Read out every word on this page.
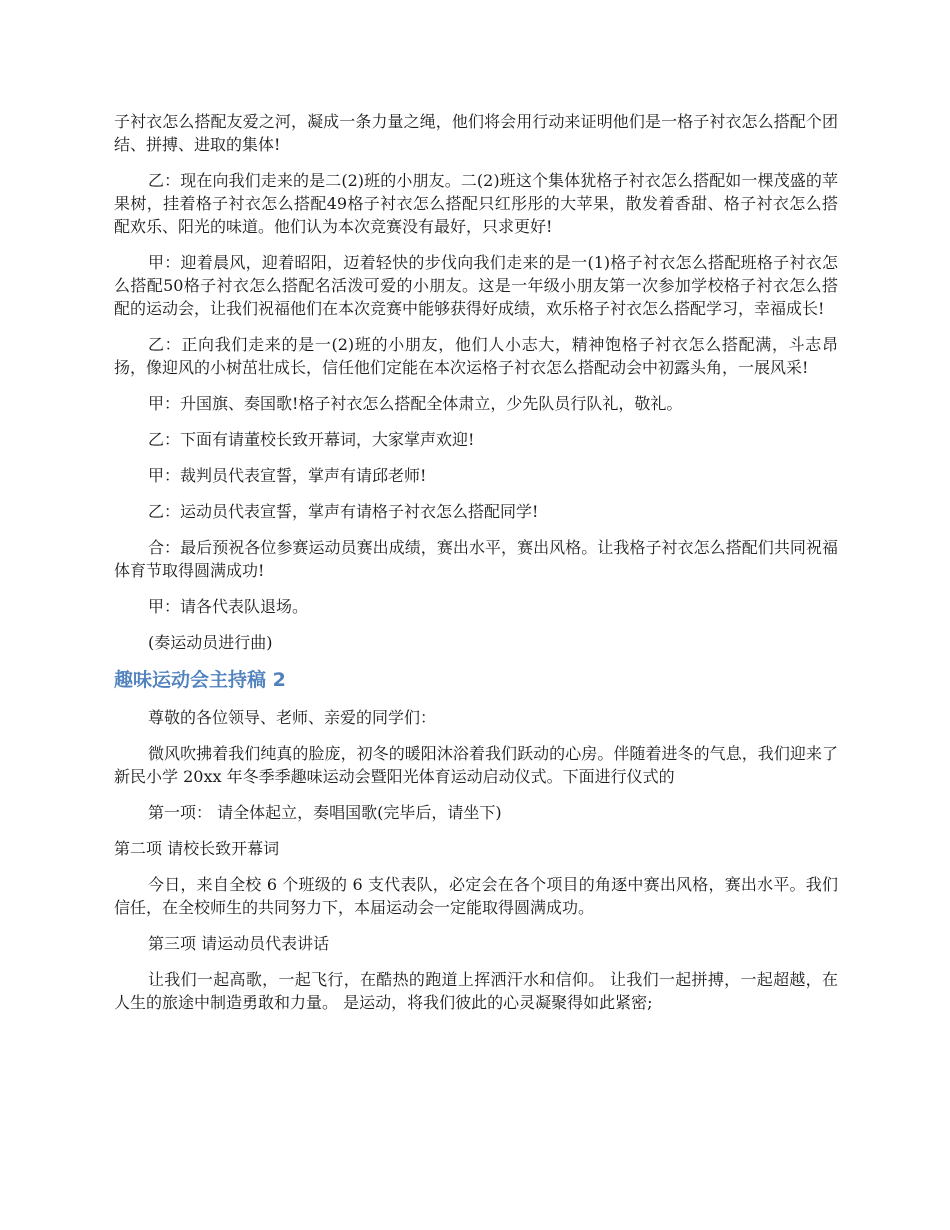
子衬衣怎么搭配友爱之河，凝成一条力量之绳，他们将会用行动来证明他们是一格子衬衣怎么搭配个团结、拼搏、进取的集体!

乙：现在向我们走来的是二(2)班的小朋友。二(2)班这个集体犹格子衬衣怎么搭配如一棵茂盛的苹果树，挂着格子衬衣怎么搭配49格子衬衣怎么搭配只红彤彤的大苹果，散发着香甜、格子衬衣怎么搭配欢乐、阳光的味道。他们认为本次竞赛没有最好，只求更好!

甲：迎着晨风，迎着昭阳，迈着轻快的步伐向我们走来的是一(1)格子衬衣怎么搭配班格子衬衣怎么搭配50格子衬衣怎么搭配名活泼可爱的小朋友。这是一年级小朋友第一次参加学校格子衬衣怎么搭配的运动会，让我们祝福他们在本次竞赛中能够获得好成绩，欢乐格子衬衣怎么搭配学习，幸福成长!

乙：正向我们走来的是一(2)班的小朋友，他们人小志大，精神饱格子衬衣怎么搭配满，斗志昂扬，像迎风的小树茁壮成长，信任他们定能在本次运格子衬衣怎么搭配动会中初露头角，一展风采!

甲：升国旗、奏国歌!格子衬衣怎么搭配全体肃立，少先队员行队礼，敬礼。

乙：下面有请董校长致开幕词，大家掌声欢迎!

甲：裁判员代表宣誓，掌声有请邱老师!

乙：运动员代表宣誓，掌声有请格子衬衣怎么搭配同学!

合：最后预祝各位参赛运动员赛出成绩，赛出水平，赛出风格。让我格子衬衣怎么搭配们共同祝福体育节取得圆满成功!

甲：请各代表队退场。

(奏运动员进行曲)

趣味运动会主持稿 2

尊敬的各位领导、老师、亲爱的同学们：

微风吹拂着我们纯真的脸庞，初冬的暖阳沐浴着我们跃动的心房。伴随着进冬的气息，我们迎来了新民小学 20xx 年冬季季趣味运动会暨阳光体育运动启动仪式。下面进行仪式的

第一项： 请全体起立，奏唱国歌(完毕后，请坐下)

第二项 请校长致开幕词

今日，来自全校 6 个班级的 6 支代表队，必定会在各个项目的角逐中赛出风格，赛出水平。我们信任，在全校师生的共同努力下，本届运动会一定能取得圆满成功。

第三项 请运动员代表讲话

让我们一起高歌，一起飞行，在酷热的跑道上挥洒汗水和信仰。 让我们一起拼搏，一起超越，在人生的旅途中制造勇敢和力量。 是运动，将我们彼此的心灵凝聚得如此紧密;
